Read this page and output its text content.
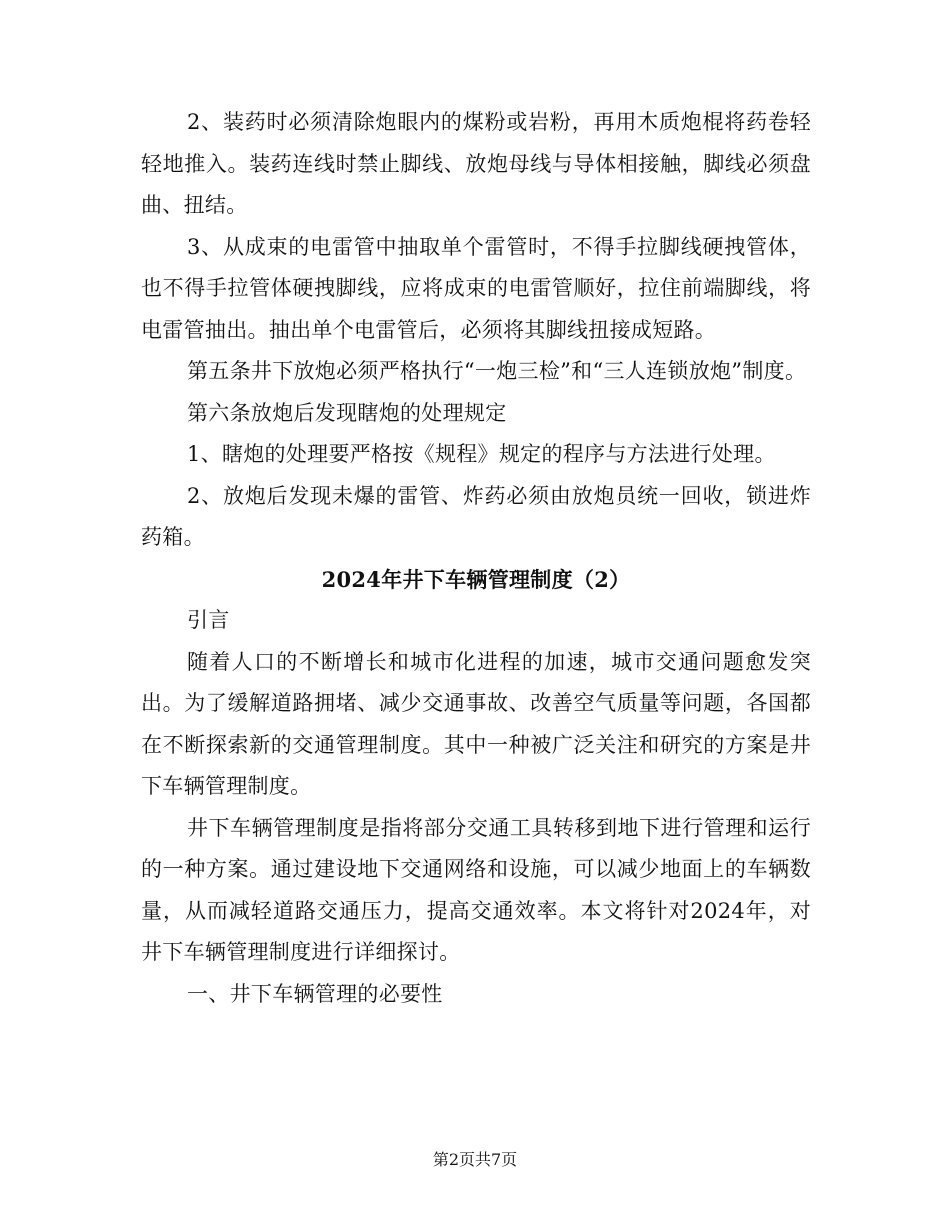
2、装药时必须清除炮眼内的煤粉或岩粉，再用木质炮棍将药卷轻轻地推入。装药连线时禁止脚线、放炮母线与导体相接触，脚线必须盘曲、扭结。

3、从成束的电雷管中抽取单个雷管时，不得手拉脚线硬拽管体，也不得手拉管体硬拽脚线，应将成束的电雷管顺好，拉住前端脚线，将电雷管抽出。抽出单个电雷管后，必须将其脚线扭接成短路。

第五条井下放炮必须严格执行“一炮三检”和“三人连锁放炮”制度。

第六条放炮后发现瞎炮的处理规定

1、瞎炮的处理要严格按《规程》规定的程序与方法进行处理。

2、放炮后发现未爆的雷管、炸药必须由放炮员统一回收，锁进炸药箱。

2024年井下车辆管理制度（2）

引言

随着人口的不断增长和城市化进程的加速，城市交通问题愈发突出。为了缓解道路拥堵、减少交通事故、改善空气质量等问题，各国都在不断探索新的交通管理制度。其中一种被广泛关注和研究的方案是井下车辆管理制度。

井下车辆管理制度是指将部分交通工具转移到地下进行管理和运行的一种方案。通过建设地下交通网络和设施，可以减少地面上的车辆数量，从而减轻道路交通压力，提高交通效率。本文将针对2024年，对井下车辆管理制度进行详细探讨。

一、井下车辆管理的必要性

第2页共7页
